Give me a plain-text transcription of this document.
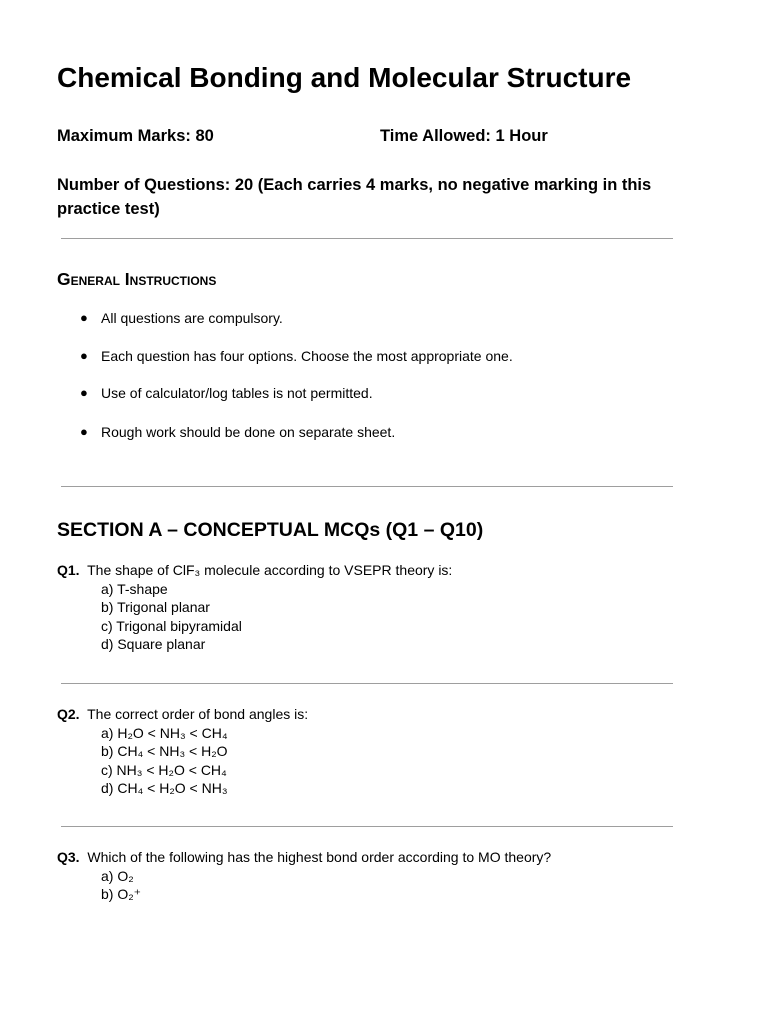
Chemical Bonding and Molecular Structure
Maximum Marks: 80	Time Allowed: 1 Hour
Number of Questions: 20 (Each carries 4 marks, no negative marking in this practice test)
General Instructions
● All questions are compulsory.
● Each question has four options. Choose the most appropriate one.
● Use of calculator/log tables is not permitted.
● Rough work should be done on separate sheet.
SECTION A – CONCEPTUAL MCQs (Q1 – Q10)
Q1. The shape of ClF₃ molecule according to VSEPR theory is:
a) T-shape
b) Trigonal planar
c) Trigonal bipyramidal
d) Square planar
Q2. The correct order of bond angles is:
a) H₂O < NH₃ < CH₄
b) CH₄ < NH₃ < H₂O
c) NH₃ < H₂O < CH₄
d) CH₄ < H₂O < NH₃
Q3. Which of the following has the highest bond order according to MO theory?
a) O₂
b) O₂⁺
